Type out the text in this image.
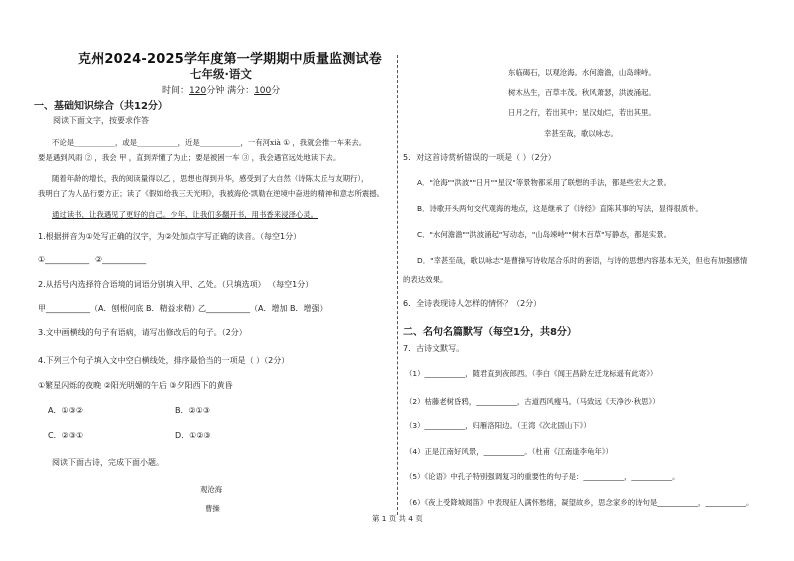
克州2024-2025学年度第一学期期中质量监测试卷
七年级·语文
时间：120分钟 满分：100分
一、基础知识综合（共12分）
阅读下面文字，按要求作答
不论是___________，或是___________，近是___________，一有河xià ① ，我就会推一车来去。
要是遇到风雨 ② ，我会 甲 ，直到弄懂了为止；要是被困一车 ③ ，我会遇官远处地读下去。
随着年龄的增长，我的阅读量得以乙 ，思想也得到升华，感受到了大自然（诗陈太丘与友期行），
我明白了为人品行要方正；读了《假如给我三天光明》，我被海伦·凯勒在逆境中奋进的精神和意志所震撼。
通过读书，让我遇见了更好的自己。少年，让我们多翻开书，用书香来浸泽心灵。
1.根据拼音为①处写正确的汉字，为②处加点字写正确的读音。（每空1分）
①___________ ②___________
2.从括号内选择符合语境的词语分别填入甲、乙处。（只填选项） （每空1分）
甲___________（A．刨根问底 B．精益求精）
乙___________（A．增加 B．增强）
3.文中画横线的句子有语病，请写出修改后的句子。（2分）
4.下列三个句子填入文中空白横线处，排序最恰当的一项是（ ）（2分）
①繁星闪烁的夜晚 ②阳光明媚的午后 ③夕阳西下的黄昏
A．①③②	B．②①③
C．②③①	D．①②③
阅读下面古诗，完成下面小题。
观沧海
曹操
东临碣石，以观沧海。水何澹澹，山岛竦峙。
树木丛生，百草丰茂。秋风萧瑟，洪波涌起。
日月之行，若出其中；星汉灿烂，若出其里。
幸甚至哉，歌以咏志。
5．对这首诗赏析错误的一项是（ ）（2分）
A．"沧海""洪波""日月""星汉"等景物都采用了联想的手法，都是些宏大之景。
B．诗歌开头两句交代观海的地点，这是继承了《诗经》直陈其事的写法，显得很质朴。
C．"水何澹澹""洪波涌起"写动态，"山岛竦峙""树木百草"写静态，都是实景。
D．"幸甚至哉，歌以咏志"是曹操写诗收尾合乐时的套语，与诗的思想内容基本无关，但也有加强感情
的表达效果。
6．全诗表现诗人怎样的情怀？（2分）
二、名句名篇默写（每空1分，共8分）
7．古诗文默写。
（1）___________，随君直到夜郎西。（李白《闻王昌龄左迁龙标遥有此寄》）
（2）枯藤老树昏鸦，___________，古道西风瘦马。（马致远《天净沙·秋思》）
（3）___________，归雁洛阳边。（王湾《次北固山下》）
（4）正是江南好风景，___________。（杜甫《江南逢李龟年》）
（5）《论语》中孔子特别强调复习的重要性的句子是：___________，___________。
（6）《夜上受降城闻笛》中表现征人满怀愁绪，凝望故乡，思念家乡的诗句是___________，___________。
第 1 页 共 4 页
